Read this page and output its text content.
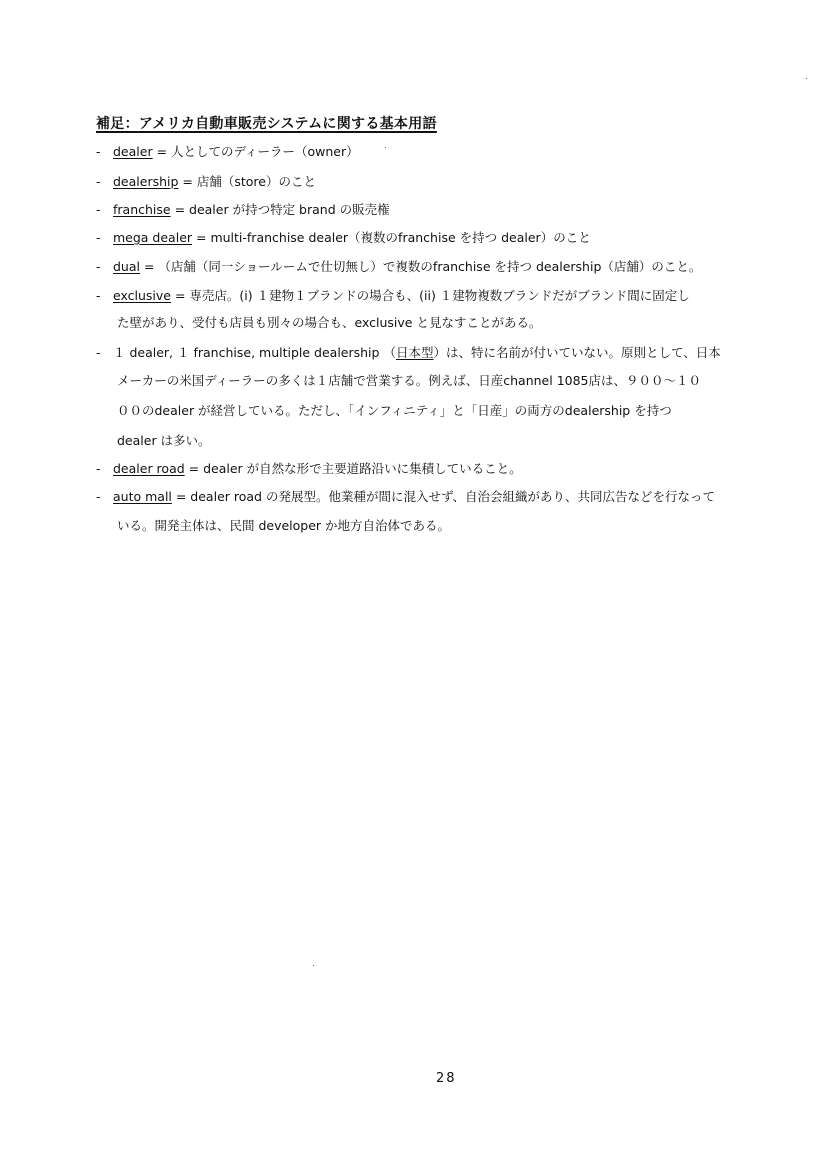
補足：アメリカ自動車販売システムに関する基本用語
- dealer = 人としてのディーラー（owner）
- dealership = 店舗（store）のこと
- franchise = dealer が持つ特定 brand の販売権
- mega dealer = multi-franchise dealer（複数のfranchise を持つ dealer）のこと
- dual = （店舗（同一ショールームで仕切無し）で複数のfranchise を持つ dealership（店舗）のこと。
- exclusive = 専売店。(i) １建物１ブランドの場合も、(ii) １建物複数ブランドだがブランド間に固定し
た壁があり、受付も店員も別々の場合も、exclusive と見なすことがある。
- １ dealer, １ franchise, multiple dealership （日本型）は、特に名前が付いていない。原則として、日本
メーカーの米国ディーラーの多くは１店舗で営業する。例えば、日産channel 1085店は、９００～１０
００のdealer が経営している。ただし、「インフィニティ」と「日産」の両方のdealership を持つ
dealer は多い。
- dealer road = dealer が自然な形で主要道路沿いに集積していること。
- auto mall = dealer road の発展型。他業種が間に混入せず、自治会組織があり、共同広告などを行なって
いる。開発主体は、民間 developer か地方自治体である。
28
